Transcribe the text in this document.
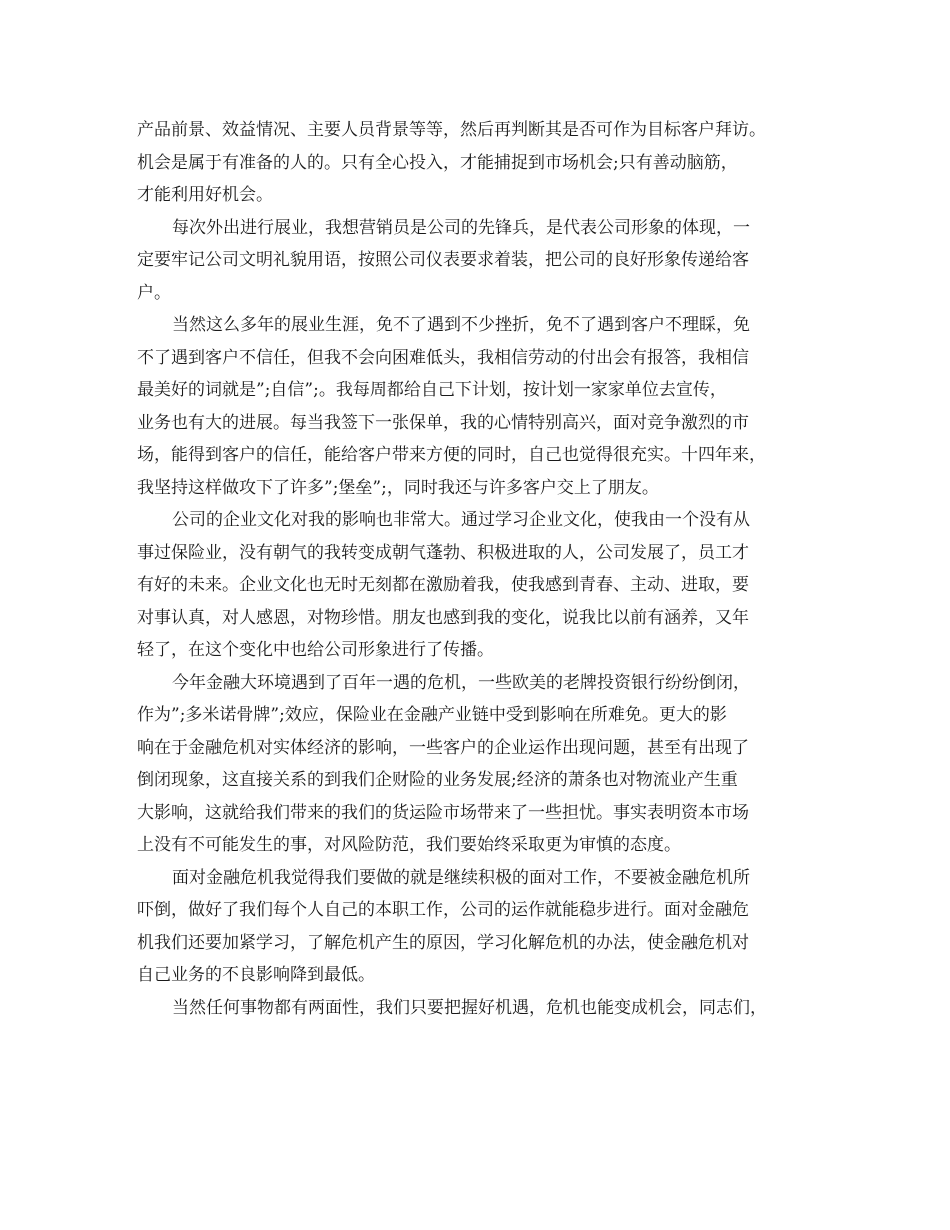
产品前景、效益情况、主要人员背景等等，然后再判断其是否可作为目标客户拜访。
机会是属于有准备的人的。只有全心投入，才能捕捉到市场机会;只有善动脑筋，
才能利用好机会。
每次外出进行展业，我想营销员是公司的先锋兵，是代表公司形象的体现，一
定要牢记公司文明礼貌用语，按照公司仪表要求着装，把公司的良好形象传递给客
户。
当然这么多年的展业生涯，免不了遇到不少挫折，免不了遇到客户不理睬，免
不了遇到客户不信任，但我不会向困难低头，我相信劳动的付出会有报答，我相信
最美好的词就是”;自信”;。我每周都给自己下计划，按计划一家家单位去宣传，
业务也有大的进展。每当我签下一张保单，我的心情特别高兴，面对竞争激烈的市
场，能得到客户的信任，能给客户带来方便的同时，自己也觉得很充实。十四年来，
我坚持这样做攻下了许多”;堡垒”;，同时我还与许多客户交上了朋友。
公司的企业文化对我的影响也非常大。通过学习企业文化，使我由一个没有从
事过保险业，没有朝气的我转变成朝气蓬勃、积极进取的人，公司发展了，员工才
有好的未来。企业文化也无时无刻都在激励着我，使我感到青春、主动、进取，要
对事认真，对人感恩，对物珍惜。朋友也感到我的变化，说我比以前有涵养，又年
轻了，在这个变化中也给公司形象进行了传播。
今年金融大环境遇到了百年一遇的危机，一些欧美的老牌投资银行纷纷倒闭，
作为”;多米诺骨牌”;效应，保险业在金融产业链中受到影响在所难免。更大的影
响在于金融危机对实体经济的影响，一些客户的企业运作出现问题，甚至有出现了
倒闭现象，这直接关系的到我们企财险的业务发展;经济的萧条也对物流业产生重
大影响，这就给我们带来的我们的货运险市场带来了一些担忧。事实表明资本市场
上没有不可能发生的事，对风险防范，我们要始终采取更为审慎的态度。
面对金融危机我觉得我们要做的就是继续积极的面对工作，不要被金融危机所
吓倒，做好了我们每个人自己的本职工作，公司的运作就能稳步进行。面对金融危
机我们还要加紧学习，了解危机产生的原因，学习化解危机的办法，使金融危机对
自己业务的不良影响降到最低。
当然任何事物都有两面性，我们只要把握好机遇，危机也能变成机会，同志们，
